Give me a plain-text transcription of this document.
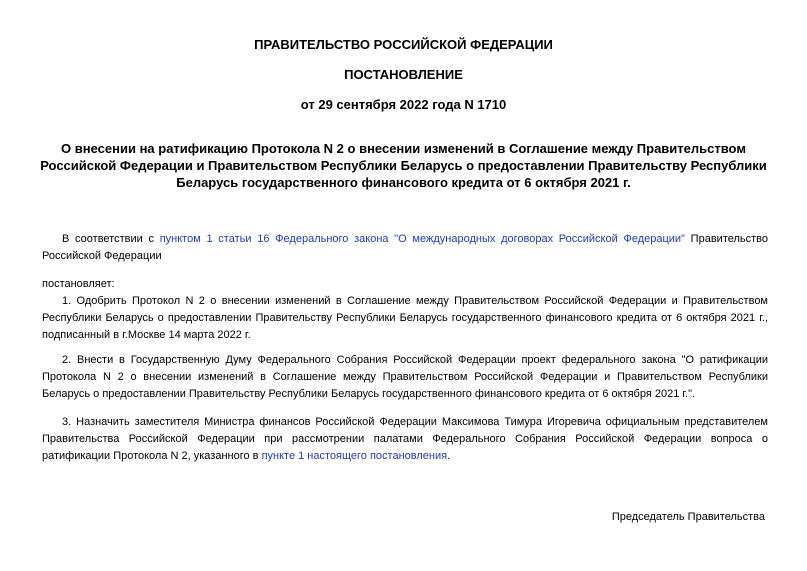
ПРАВИТЕЛЬСТВО РОССИЙСКОЙ ФЕДЕРАЦИИ
ПОСТАНОВЛЕНИЕ
от 29 сентября 2022 года N 1710
О внесении на ратификацию Протокола N 2 о внесении изменений в Соглашение между Правительством Российской Федерации и Правительством Республики Беларусь о предоставлении Правительству Республики Беларусь государственного финансового кредита от 6 октября 2021 г.
В соответствии с пунктом 1 статьи 16 Федерального закона "О международных договорах Российской Федерации" Правительство Российской Федерации
постановляет:
1. Одобрить Протокол N 2 о внесении изменений в Соглашение между Правительством Российской Федерации и Правительством Республики Беларусь о предоставлении Правительству Республики Беларусь государственного финансового кредита от 6 октября 2021 г., подписанный в г.Москве 14 марта 2022 г.
2. Внести в Государственную Думу Федерального Собрания Российской Федерации проект федерального закона "О ратификации Протокола N 2 о внесении изменений в Соглашение между Правительством Российской Федерации и Правительством Республики Беларусь о предоставлении Правительству Республики Беларусь государственного финансового кредита от 6 октября 2021 г.".
3. Назначить заместителя Министра финансов Российской Федерации Максимова Тимура Игоревича официальным представителем Правительства Российской Федерации при рассмотрении палатами Федерального Собрания Российской Федерации вопроса о ратификации Протокола N 2, указанного в пункте 1 настоящего постановления.
Председатель Правительства
